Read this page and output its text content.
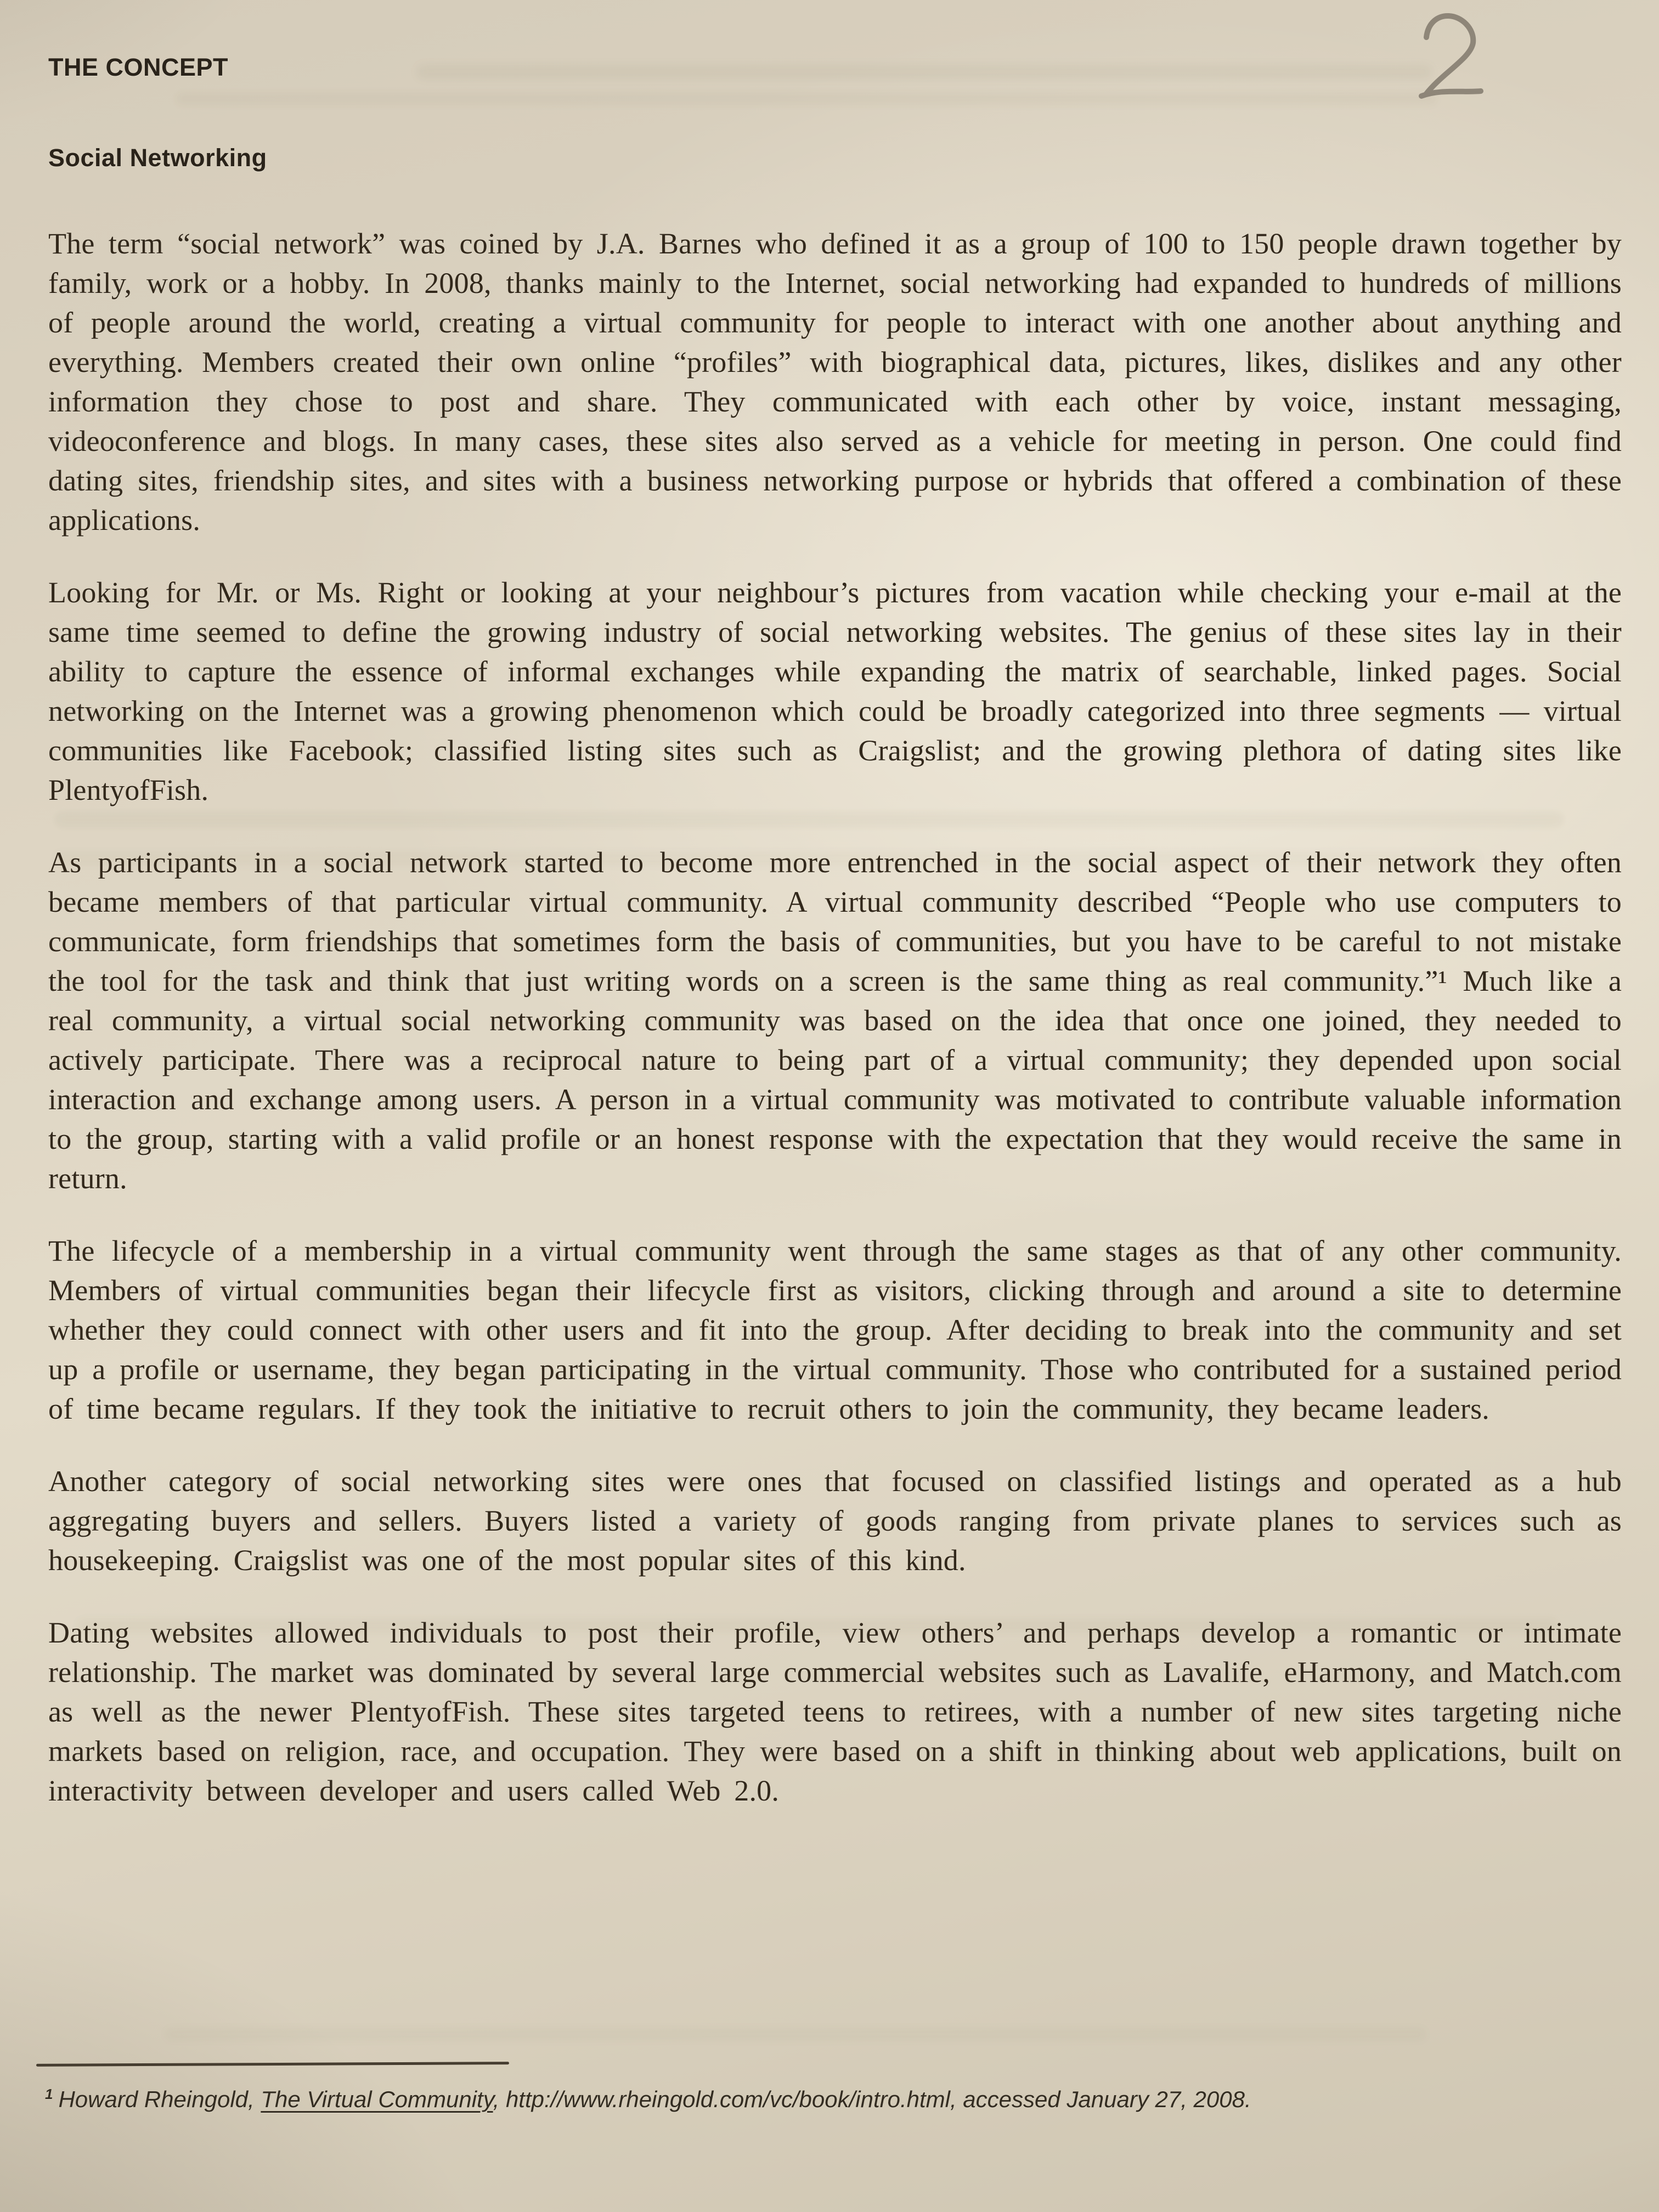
THE CONCEPT
Social Networking

The term “social network” was coined by J.A. Barnes who defined it as a group of 100 to 150 people drawn together by family, work or a hobby. In 2008, thanks mainly to the Internet, social networking had expanded to hundreds of millions of people around the world, creating a virtual community for people to interact with one another about anything and everything. Members created their own online “profiles” with biographical data, pictures, likes, dislikes and any other information they chose to post and share. They communicated with each other by voice, instant messaging, videoconference and blogs. In many cases, these sites also served as a vehicle for meeting in person. One could find dating sites, friendship sites, and sites with a business networking purpose or hybrids that offered a combination of these applications.

Looking for Mr. or Ms. Right or looking at your neighbour’s pictures from vacation while checking your e-mail at the same time seemed to define the growing industry of social networking websites. The genius of these sites lay in their ability to capture the essence of informal exchanges while expanding the matrix of searchable, linked pages. Social networking on the Internet was a growing phenomenon which could be broadly categorized into three segments — virtual communities like Facebook; classified listing sites such as Craigslist; and the growing plethora of dating sites like PlentyofFish.

As participants in a social network started to become more entrenched in the social aspect of their network they often became members of that particular virtual community. A virtual community described “People who use computers to communicate, form friendships that sometimes form the basis of communities, but you have to be careful to not mistake the tool for the task and think that just writing words on a screen is the same thing as real community.”¹ Much like a real community, a virtual social networking community was based on the idea that once one joined, they needed to actively participate. There was a reciprocal nature to being part of a virtual community; they depended upon social interaction and exchange among users. A person in a virtual community was motivated to contribute valuable information to the group, starting with a valid profile or an honest response with the expectation that they would receive the same in return.

The lifecycle of a membership in a virtual community went through the same stages as that of any other community. Members of virtual communities began their lifecycle first as visitors, clicking through and around a site to determine whether they could connect with other users and fit into the group. After deciding to break into the community and set up a profile or username, they began participating in the virtual community. Those who contributed for a sustained period of time became regulars. If they took the initiative to recruit others to join the community, they became leaders.

Another category of social networking sites were ones that focused on classified listings and operated as a hub aggregating buyers and sellers. Buyers listed a variety of goods ranging from private planes to services such as housekeeping. Craigslist was one of the most popular sites of this kind.

Dating websites allowed individuals to post their profile, view others’ and perhaps develop a romantic or intimate relationship. The market was dominated by several large commercial websites such as Lavalife, eHarmony, and Match.com as well as the newer PlentyofFish. These sites targeted teens to retirees, with a number of new sites targeting niche markets based on religion, race, and occupation. They were based on a shift in thinking about web applications, built on interactivity between developer and users called Web 2.0.

$^1$ Howard Rheingold, The Virtual Community, http://www.rheingold.com/vc/book/intro.html, accessed January 27, 2008.
